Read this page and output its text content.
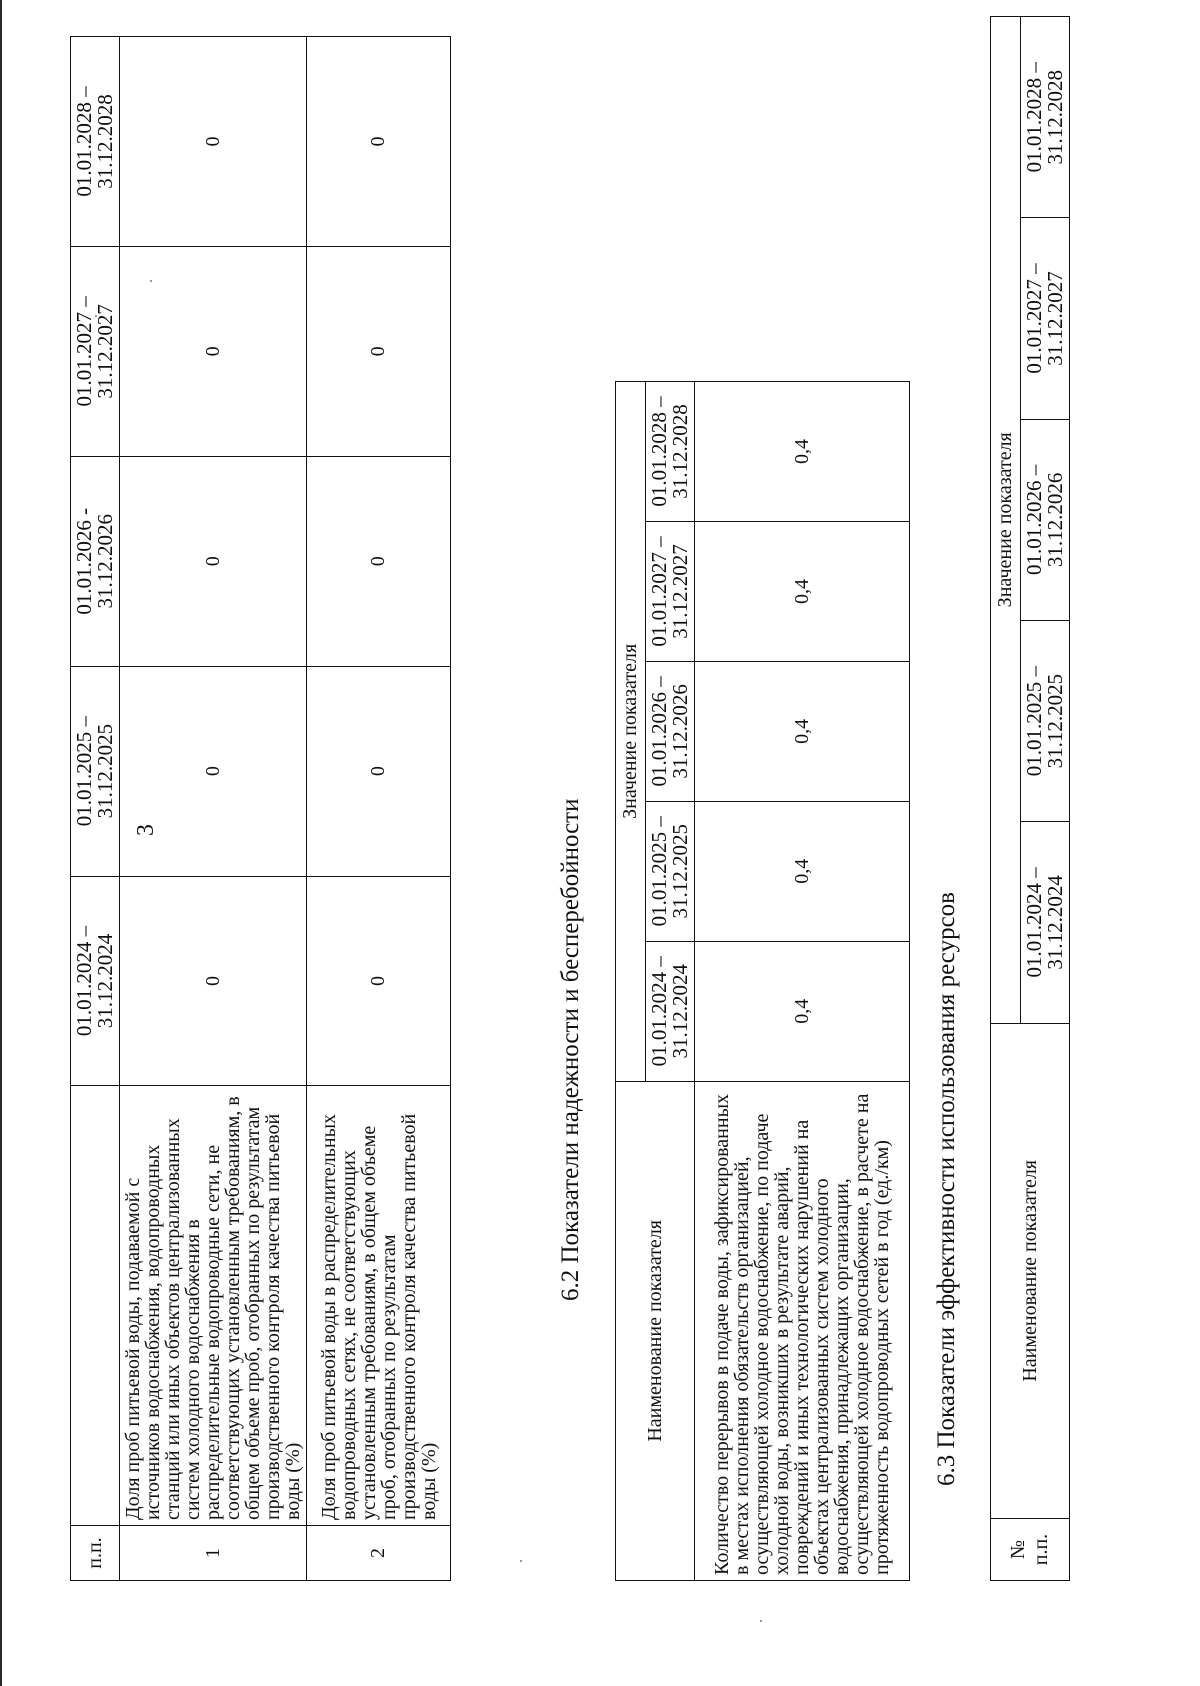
3
п.п.		01.01.2024 – 31.12.2024	01.01.2025 – 31.12.2025	01.01.2026 - 31.12.2026	01.01.2027 – 31.12.2027	01.01.2028 – 31.12.2028
1	Доля проб питьевой воды, подаваемой с источников водоснабжения, водопроводных станций или иных объектов централизованных систем холодного водоснабжения в распределительные водопроводные сети, не соответствующих установленным требованиям, в общем объеме проб, отобранных по результатам производственного контроля качества питьевой воды (%)	0	0	0	0	0
2	Доля проб питьевой воды в распределительных водопроводных сетях, не соответствующих установленным требованиям, в общем объеме проб, отобранных по результатам производственного контроля качества питьевой воды (%)	0	0	0	0	0
6.2 Показатели надежности и бесперебойности
Наименование показателя	Значение показателя				
	01.01.2024 – 31.12.2024	01.01.2025 – 31.12.2025	01.01.2026 – 31.12.2026	01.01.2027 – 31.12.2027	01.01.2028 – 31.12.2028
Количество перерывов в подаче воды, зафиксированных в местах исполнения обязательств организацией, осуществляющей холодное водоснабжение, по подаче холодной воды, возникших в результате аварий, повреждений и иных технологических нарушений на объектах централизованных систем холодного водоснабжения, принадлежащих организации, осуществляющей холодное водоснабжение, в расчете на протяженность водопроводных сетей в год (ед./км)	0,4	0,4	0,4	0,4	0,4
6.3 Показатели эффективности использования ресурсов
№ п.п.	Наименование показателя	Значение показателя				
		01.01.2024 – 31.12.2024	01.01.2025 – 31.12.2025	01.01.2026 – 31.12.2026	01.01.2027 – 31.12.2027	01.01.2028 – 31.12.2028
